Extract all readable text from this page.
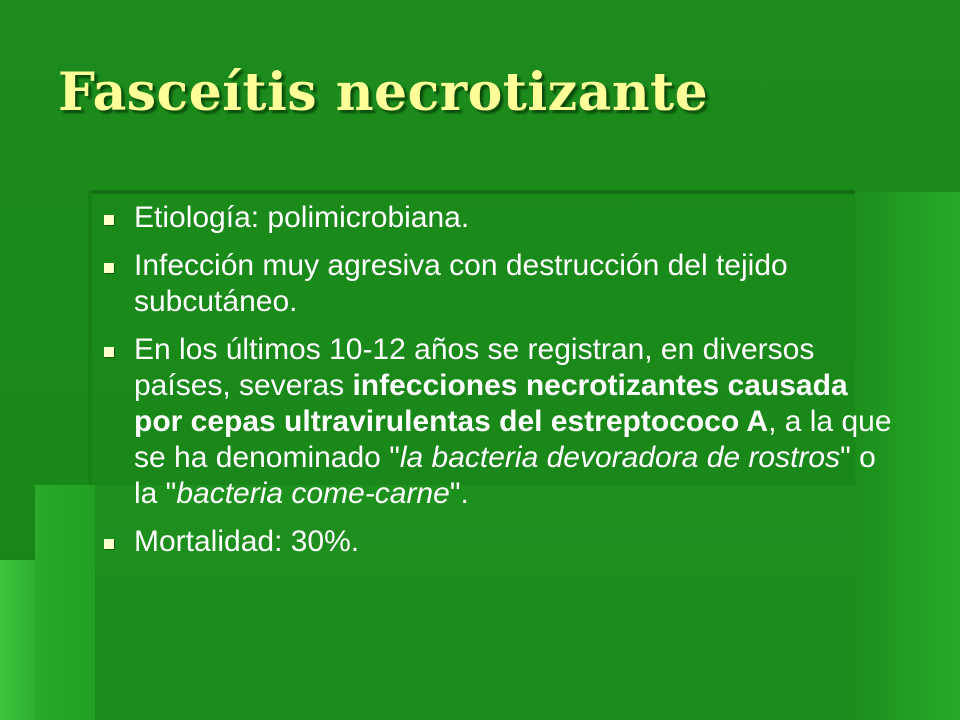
Fasceítis necrotizante
Etiología: polimicrobiana.
Infección muy agresiva con destrucción del tejido subcutáneo.
En los últimos 10-12 años se registran, en diversos países, severas infecciones necrotizantes causada por cepas ultravirulentas del estreptococo A, a la que se ha denominado "la bacteria devoradora de rostros" o la "bacteria come-carne".
Mortalidad: 30%.
